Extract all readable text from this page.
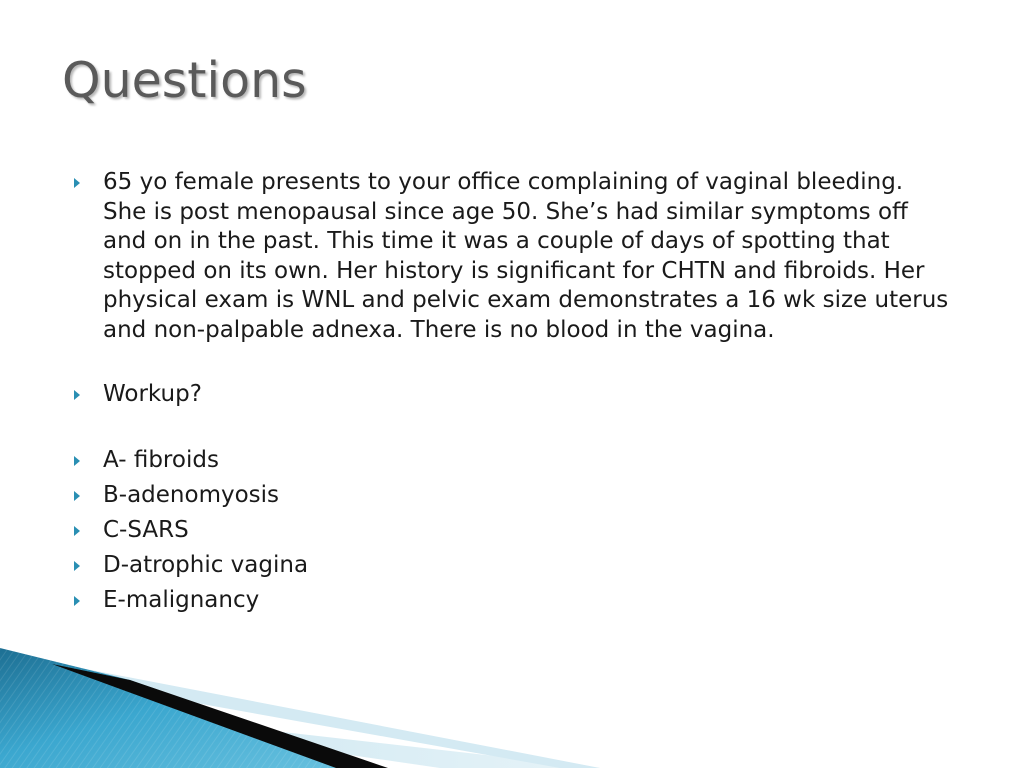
Questions
65 yo female presents to your office complaining of vaginal bleeding. She is post menopausal since age 50. She’s had similar symptoms off and on in the past. This time it was a couple of days of spotting that stopped on its own. Her history is significant for CHTN and fibroids. Her physical exam is WNL and pelvic exam demonstrates a 16 wk size uterus and non-palpable adnexa. There is no blood in the vagina.
Workup?
A- fibroids
B-adenomyosis
C-SARS
D-atrophic vagina
E-malignancy
